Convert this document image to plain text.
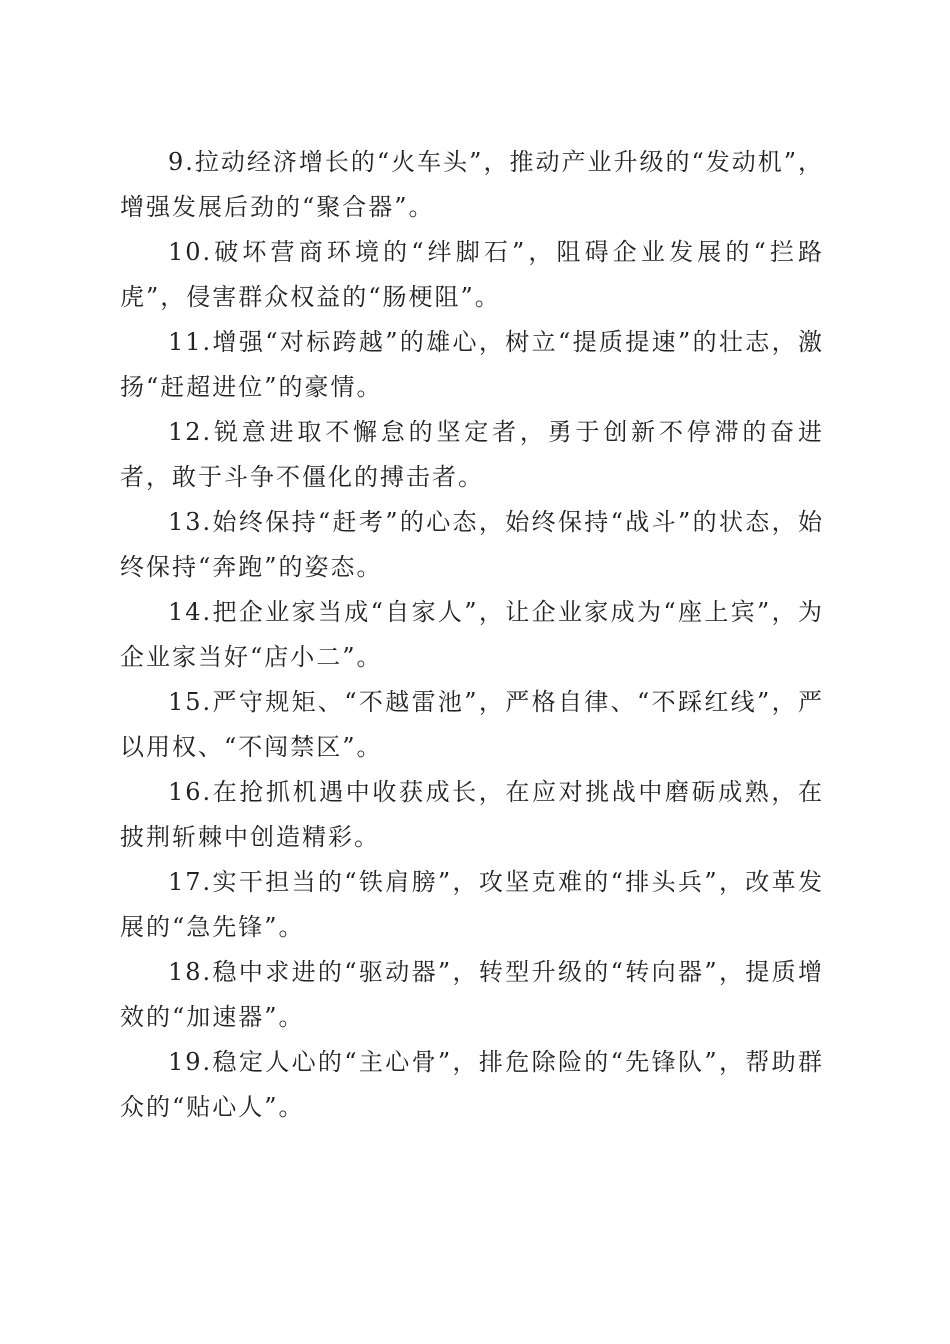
9.拉动经济增长的“火车头”，推动产业升级的“发动机”，增强发展后劲的“聚合器”。

10.破坏营商环境的“绊脚石”，阻碍企业发展的“拦路虎”，侵害群众权益的“肠梗阻”。

11.增强“对标跨越”的雄心，树立“提质提速”的壮志，激扬“赶超进位”的豪情。

12.锐意进取不懈怠的坚定者，勇于创新不停滞的奋进者，敢于斗争不僵化的搏击者。

13.始终保持“赶考”的心态，始终保持“战斗”的状态，始终保持“奔跑”的姿态。

14.把企业家当成“自家人”，让企业家成为“座上宾”，为企业家当好“店小二”。

15.严守规矩、“不越雷池”，严格自律、“不踩红线”，严以用权、“不闯禁区”。

16.在抢抓机遇中收获成长，在应对挑战中磨砺成熟，在披荆斩棘中创造精彩。

17.实干担当的“铁肩膀”，攻坚克难的“排头兵”，改革发展的“急先锋”。

18.稳中求进的“驱动器”，转型升级的“转向器”，提质增效的“加速器”。

19.稳定人心的“主心骨”，排危除险的“先锋队”，帮助群众的“贴心人”。
